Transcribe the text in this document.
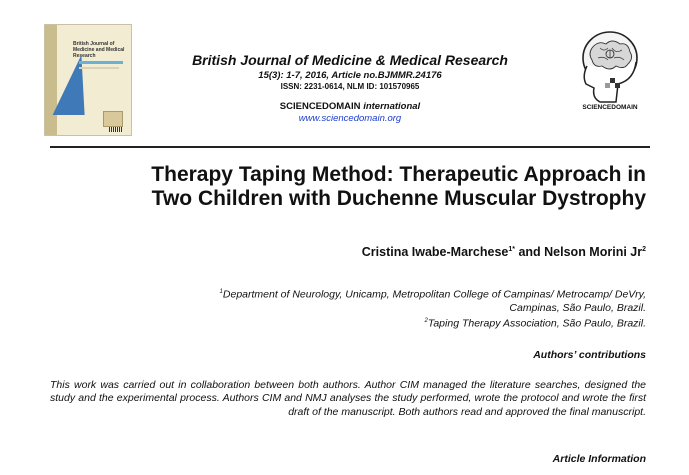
British Journal of Medicine and Medical Research	British Journal of Medicine & Medical Research
15(3): 1-7, 2016, Article no.BJMMR.24176
ISSN: 2231-0614, NLM ID: 101570965
SCIENCEDOMAIN international
www.sciencedomain.org
SCIENCEDOMAIN
Therapy Taping Method: Therapeutic Approach in
Two Children with Duchenne Muscular Dystrophy
Cristina Iwabe-Marchese$^{1*}$ and Nelson Morini Jr$^2$
$^1$Department of Neurology, Unicamp, Metropolitan College of Campinas/ Metrocamp/ DeVry,
Campinas, São Paulo, Brazil.
$^2$Taping Therapy Association, São Paulo, Brazil.
Authors’ contributions
This work was carried out in collaboration between both authors. Author CIM managed the literature searches, designed the study and the experimental process. Authors CIM and NMJ analyses the study performed, wrote the protocol and wrote the first draft of the manuscript. Both authors read and approved the final manuscript.
Article Information
